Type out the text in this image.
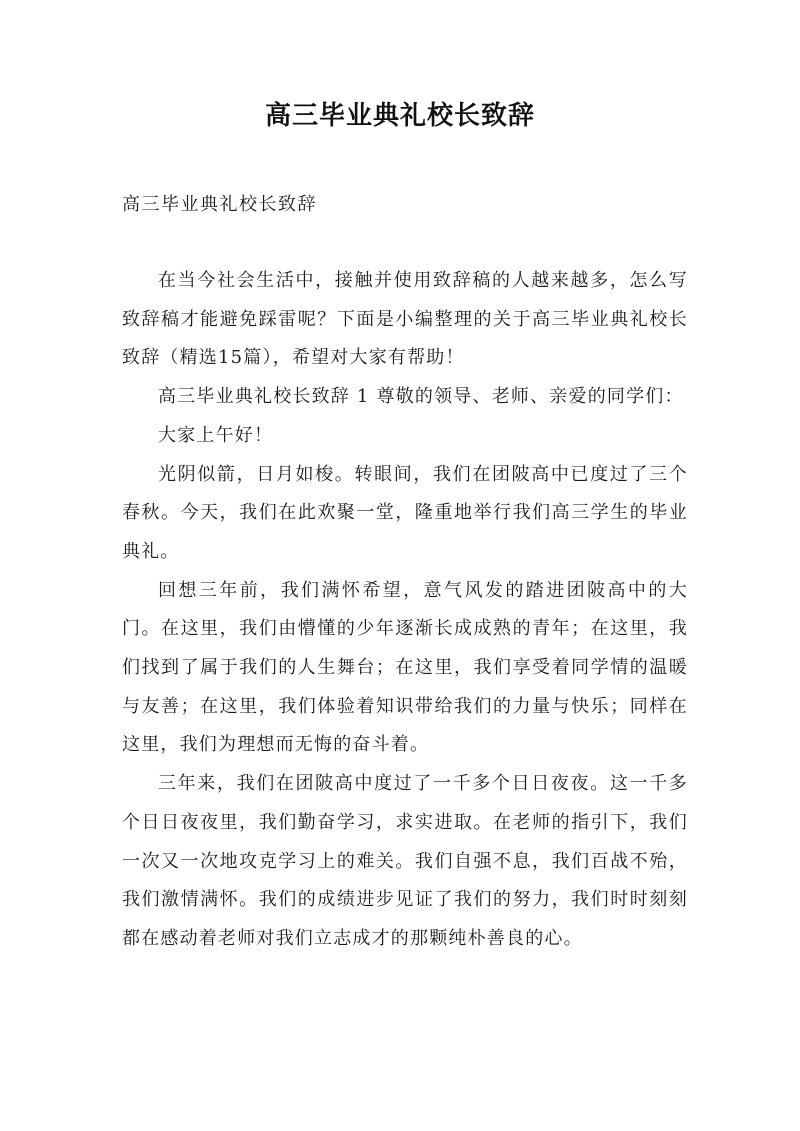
高三毕业典礼校长致辞
高三毕业典礼校长致辞

在当今社会生活中，接触并使用致辞稿的人越来越多，怎么写致辞稿才能避免踩雷呢？下面是小编整理的关于高三毕业典礼校长致辞（精选15篇），希望对大家有帮助！

高三毕业典礼校长致辞 1 尊敬的领导、老师、亲爱的同学们：

大家上午好！

光阴似箭，日月如梭。转眼间，我们在团陂高中已度过了三个春秋。今天，我们在此欢聚一堂，隆重地举行我们高三学生的毕业典礼。

回想三年前，我们满怀希望，意气风发的踏进团陂高中的大门。在这里，我们由懵懂的少年逐渐长成成熟的青年；在这里，我们找到了属于我们的人生舞台；在这里，我们享受着同学情的温暖与友善；在这里，我们体验着知识带给我们的力量与快乐；同样在这里，我们为理想而无悔的奋斗着。

三年来，我们在团陂高中度过了一千多个日日夜夜。这一千多个日日夜夜里，我们勤奋学习，求实进取。在老师的指引下，我们一次又一次地攻克学习上的难关。我们自强不息，我们百战不殆，我们激情满怀。我们的成绩进步见证了我们的努力，我们时时刻刻都在感动着老师对我们立志成才的那颗纯朴善良的心。
